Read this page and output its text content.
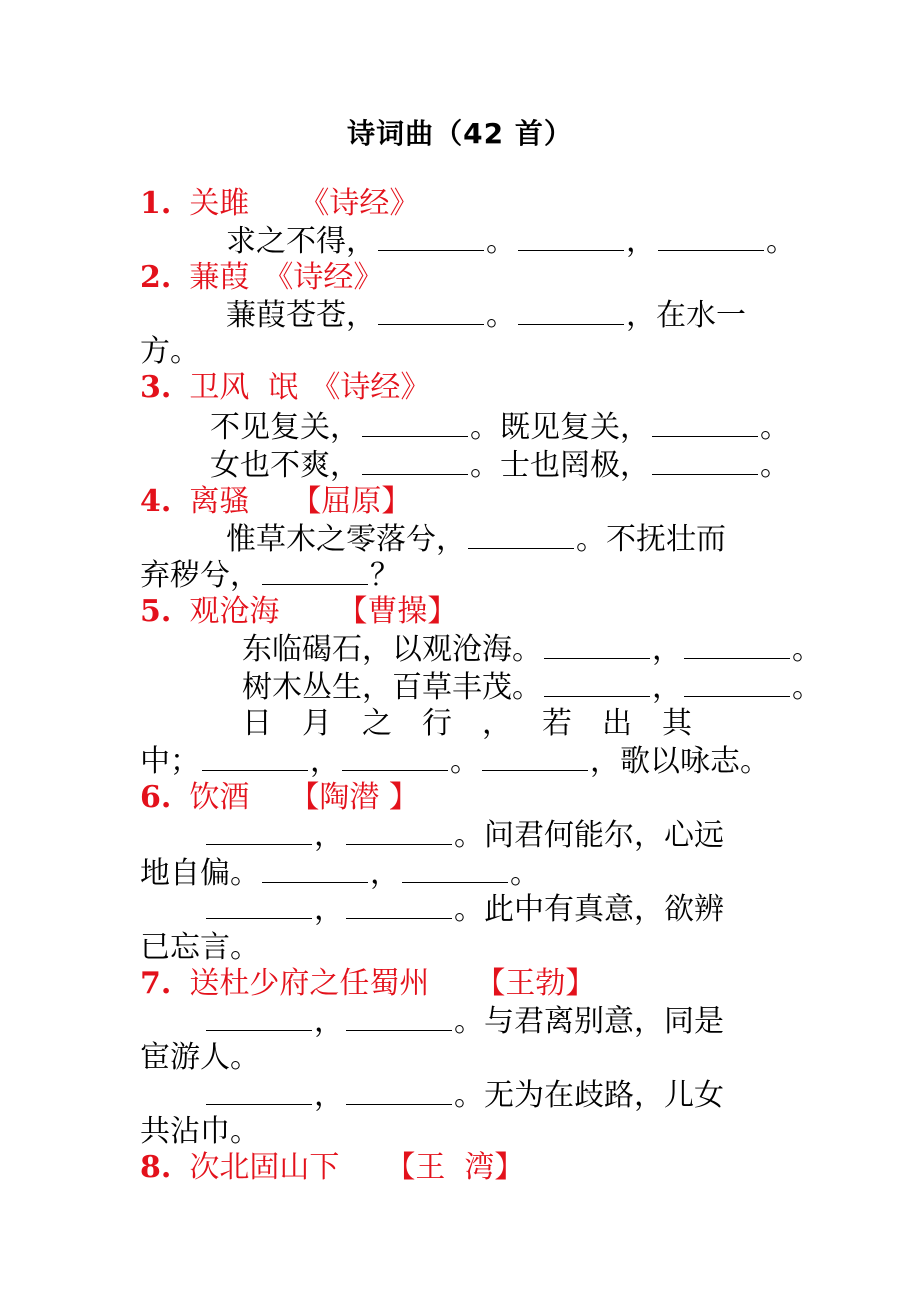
诗词曲（42 首）
1. 关雎 《诗经》
求之不得，	。	，	。
2. 蒹葭 《诗经》
蒹葭苍苍，	。	，在水一
方。
3. 卫风  氓 《诗经》
不见复关，	。既见复关，	。
女也不爽，	。士也罔极，	。
4. 离骚 【屈原】
惟草木之零落兮，	。不抚壮而
弃秽兮，	？
5. 观沧海 【曹操】
东临碣石，以观沧海。	，	。
树木丛生，百草丰茂。	，	。
日月之行，若出其
中；	，	。	，歌以咏志。
6. 饮酒 【陶潜 】
，	。问君何能尔，心远
地自偏。	，	。
，	。此中有真意，欲辨
已忘言。
7. 送杜少府之任蜀州 【王勃】
，	。与君离别意，同是
宦游人。
，	。无为在歧路，儿女
共沾巾。
8. 次北固山下 【王  湾】
